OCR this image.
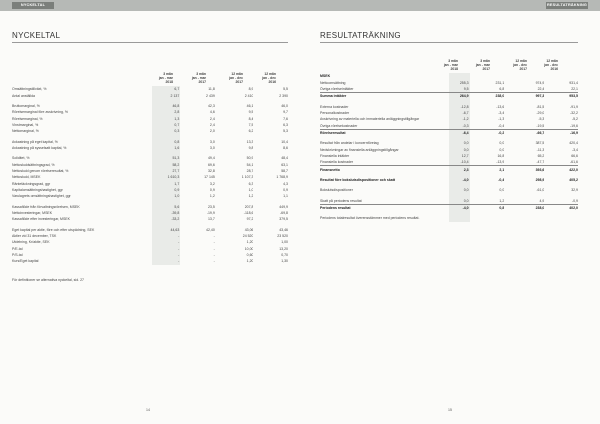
NYCKELTAL
NYCKELTAL
3 mån
jan - mar
2018
3 mån
jan - mar
2017
12 mån
jan - dec
2017
12 mån
jan - dec
2016
Omsättningstillväxt, %	6,7	11,8	8,9	5,5
Antal anställda	2 137	2 439	2 410	2 390

Bruttomarginal, %	46,8	42,3	46,1	46,0
Rörelsemarginal före avskrivning, %	2,8	4,6	9,5	9,7
Rörelsemarginal, %	1,3	2,4	8,4	7,6
Vinstmarginal, %	0,7	2,4	7,5	6,3
Nettomarginal, %	0,3	2,0	6,2	5,3

Avkastning på eget kapital, %	0,8	3,0	13,3	10,4
Avkastning på sysselsatt kapital, %	1,6	3,0	9,8	8,6

Soliditet, %	51,3	49,4	50,9	48,4
Nettoskuldsättningsgrad, %	58,2	69,6	54,1	63,1
Nettoskuld genom rörelseresultat, %	27,7	32,8	28,7	58,7
Nettoskuld, MSEK	1 610,3	17 145	1 107,3	1 768,9
Räntetäckningsgrad, ggr	1,7	3,2	6,3	4,3
Kapitalomsättningshastighet, ggr	0,9	0,9	1,0	0,9
Varulagrets omsättningshastighet, ggr	1,0	1,2	1,2	1,1

Kassaflöde från förvaltningsrörelsen, MSEK	5,6	23,5	207,8	449,9
Nettoinvesteringar, MSEK	-39,8	-19,9	-118,6	-69,8
Kassaflöde efter investeringar, MSEK	-33,2	13,7	97,2	379,5

Eget kapital per aktie, före och efter utspädning, SEK	44,63	42,40	43,06	43,46
Aktier vid 31 december, TSK	-	-	24 520	23 520
Utdelning, Kr/aktie, SEK	-	-	1,20	1,00
P/E-tal	-	-	10,00	13,20
P/S-tal	-	-	0,60	0,70
Kurs/Eget kapital	-	-	1,20	1,30
För definitioner se alternativa nyckeltal, sid. 27
14
RESULTATRÄKNING
RESULTATRÄKNING
3 mån
jan - mar
2018
3 mån
jan - mar
2017
12 mån
jan - dec
2017
12 mån
jan - dec
2016
MSEK				
Nettoomsättning	255,3	231,1	974,9	931,4
Övriga rörelseintäkter	9,5	6,8	22,4	22,1
Summa intäkter	264,9	238,0	997,3	953,5

Externa kostnader	-12,8	-13,6	-81,5	-91,9
Personalkostnader	-6,7	-3,4	-29,0	-32,2
Avskrivning av materiella och immateriella anläggningstillgångar	-1,2	-1,3	-5,3	-5,2
Övriga rörelsekostnader	-0,3	-0,4	-19,5	-19,6
Rörelseresultat	-6,4	-0,2	-66,7	-16,9

Resultat från andelar i koncernföretag	0,0	0,0	387,5	420,4
Nedskrivningar av finansiella anläggningstillgångar	0,0	0,0	-11,3	-3,4
Finansiella intäkter	12,7	16,8	65,2	66,6
Finansiella kostnader	-10,4	-13,9	-47,7	-61,6
Finansnetto	2,3	2,1	393,6	422,0

Resultat före bokslutsdispositioner och skatt	-4,0	-0,4	298,9	405,2

Bokslutsdispositioner	0,0	0,0	-61,0	32,9

Skatt på periodens resultat	0,0	1,2	4,9	-0,9
Periodens resultat	-4,0	0,8	238,0	402,0

Periodens totalresultat överensstämmer med periodens resultat.				
15
